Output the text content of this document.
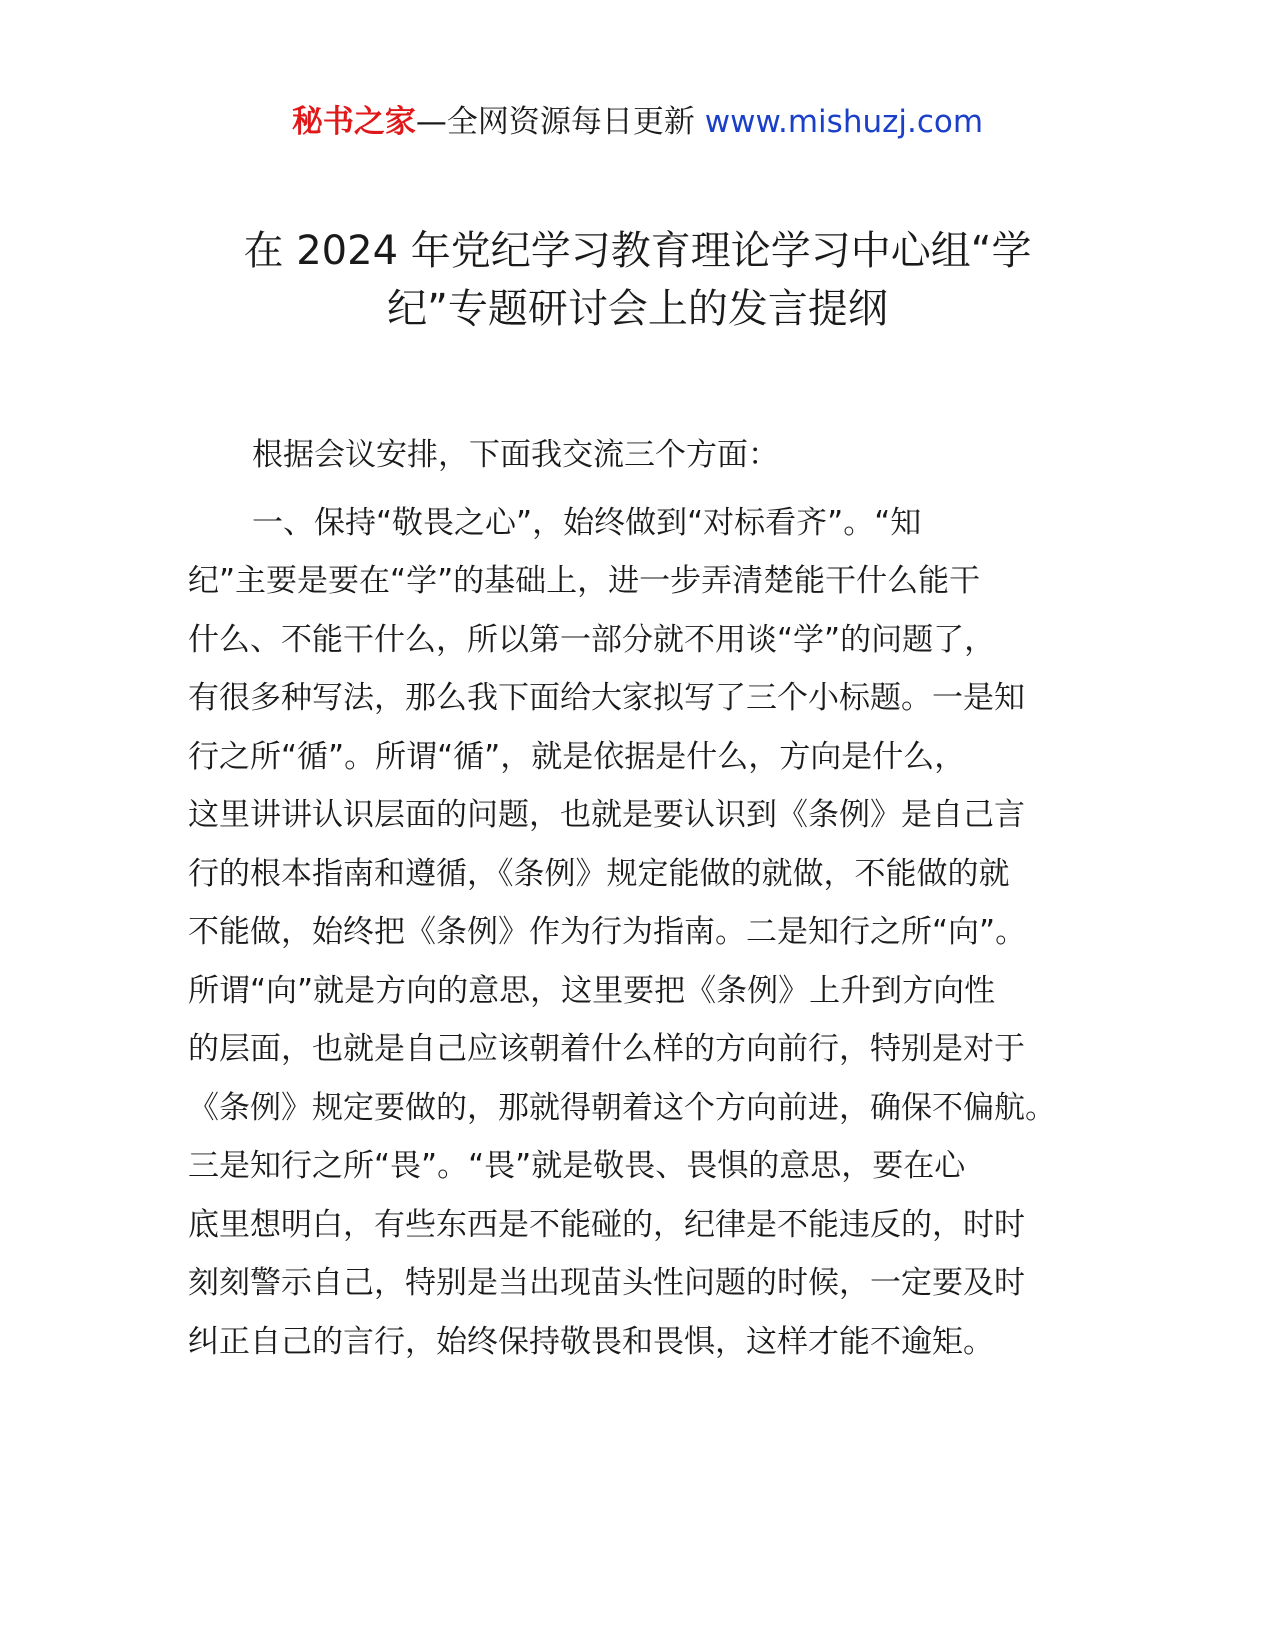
秘书之家—全网资源每日更新 www.mishuzj.com
在 2024 年党纪学习教育理论学习中心组“学
纪”专题研讨会上的发言提纲

根据会议安排，下面我交流三个方面：

一、保持“敬畏之心”，始终做到“对标看齐”。“知
纪”主要是要在“学”的基础上，进一步弄清楚能干什么能干
什么、不能干什么，所以第一部分就不用谈“学”的问题了，
有很多种写法，那么我下面给大家拟写了三个小标题。一是知
行之所“循”。所谓“循”，就是依据是什么，方向是什么，
这里讲讲认识层面的问题，也就是要认识到《条例》是自己言
行的根本指南和遵循，《条例》规定能做的就做，不能做的就
不能做，始终把《条例》作为行为指南。二是知行之所“向”。
所谓“向”就是方向的意思，这里要把《条例》上升到方向性
的层面，也就是自己应该朝着什么样的方向前行，特别是对于
《条例》规定要做的，那就得朝着这个方向前进，确保不偏航。
三是知行之所“畏”。“畏”就是敬畏、畏惧的意思，要在心
底里想明白，有些东西是不能碰的，纪律是不能违反的，时时
刻刻警示自己，特别是当出现苗头性问题的时候，一定要及时
纠正自己的言行，始终保持敬畏和畏惧，这样才能不逾矩。
